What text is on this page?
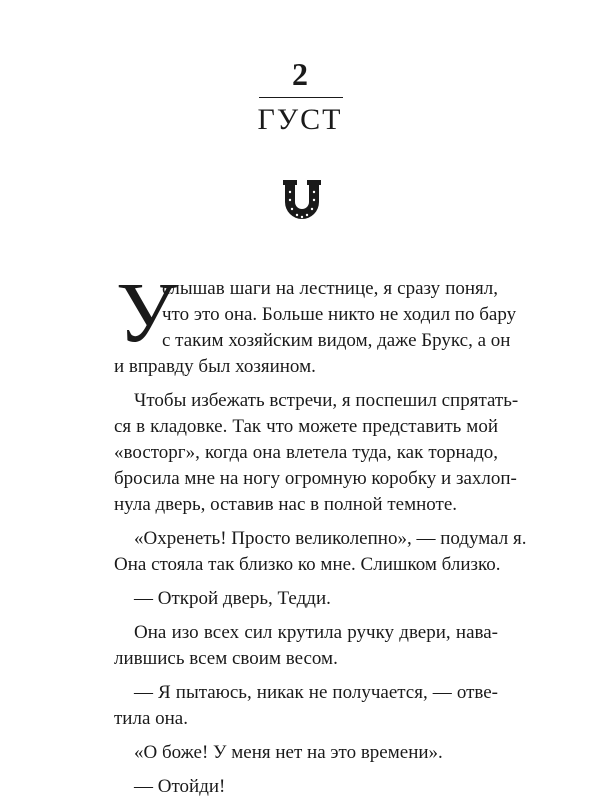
2
ГУСТ
У
слышав шаги на лестнице, я сразу понял,
что это она. Больше никто не ходил по бару
с таким хозяйским видом, даже Брукс, а он
и вправду был хозяином.
Чтобы избежать встречи, я поспешил спрятать-
ся в кладовке. Так что можете представить мой
«восторг», когда она влетела туда, как торнадо,
бросила мне на ногу огромную коробку и захлоп-
нула дверь, оставив нас в полной темноте.
«Охренеть! Просто великолепно», — подумал я.
Она стояла так близко ко мне. Слишком близко.
— Открой дверь, Тедди.
Она изо всех сил крутила ручку двери, нава-
лившись всем своим весом.
— Я пытаюсь, никак не получается, — отве-
тила она.
«О боже! У меня нет на это времени».
— Отойди!
